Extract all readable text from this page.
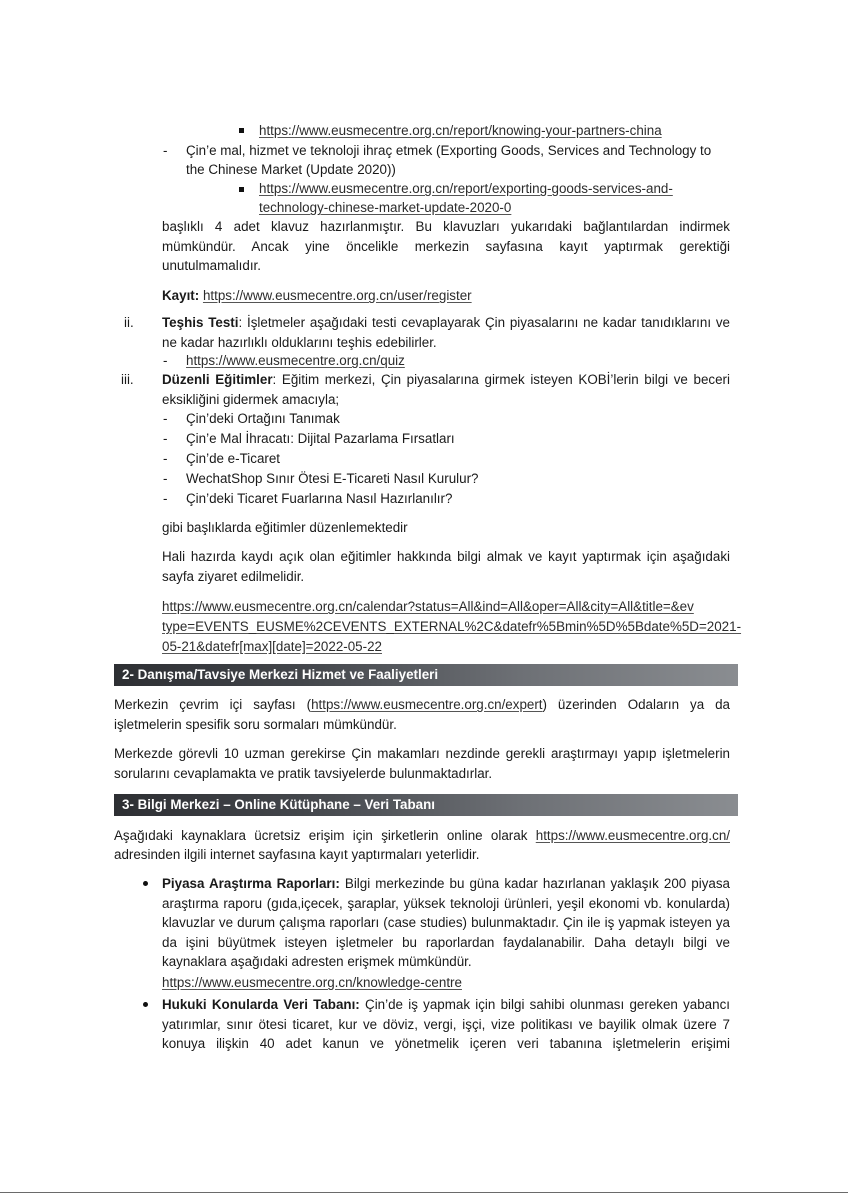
https://www.eusmecentre.org.cn/report/knowing-your-partners-china
- Çin’e mal, hizmet ve teknoloji ihraç etmek (Exporting Goods, Services and Technology to
the Chinese Market (Update 2020))
https://www.eusmecentre.org.cn/report/exporting-goods-services-and-
technology-chinese-market-update-2020-0
başlıklı 4 adet klavuz hazırlanmıştır. Bu klavuzları yukarıdaki bağlantılardan indirmek mümkündür. Ancak yine öncelikle merkezin sayfasına kayıt yaptırmak gerektiği unutulmamalıdır.
Kayıt: https://www.eusmecentre.org.cn/user/register
ii. Teşhis Testi: İşletmeler aşağıdaki testi cevaplayarak Çin piyasalarını ne kadar tanıdıklarını ve ne kadar hazırlıklı olduklarını teşhis edebilirler.
- https://www.eusmecentre.org.cn/quiz
iii. Düzenli Eğitimler: Eğitim merkezi, Çin piyasalarına girmek isteyen KOBİ’lerin bilgi ve beceri eksikliğini gidermek amacıyla;
- Çin’deki Ortağını Tanımak
- Çin’e Mal İhracatı: Dijital Pazarlama Fırsatları
- Çin’de e-Ticaret
- WechatShop Sınır Ötesi E-Ticareti Nasıl Kurulur?
- Çin’deki Ticaret Fuarlarına Nasıl Hazırlanılır?
gibi başlıklarda eğitimler düzenlemektedir
Hali hazırda kaydı açık olan eğitimler hakkında bilgi almak ve kayıt yaptırmak için aşağıdaki sayfa ziyaret edilmelidir.
https://www.eusmecentre.org.cn/calendar?status=All&ind=All&oper=All&city=All&title=&ev
type=EVENTS_EUSME%2CEVENTS_EXTERNAL%2C&datefr%5Bmin%5D%5Bdate%5D=2021-
05-21&datefr[max][date]=2022-05-22
2- Danışma/Tavsiye Merkezi Hizmet ve Faaliyetleri
Merkezin çevrim içi sayfası (https://www.eusmecentre.org.cn/expert) üzerinden Odaların ya da işletmelerin spesifik soru sormaları mümkündür.
Merkezde görevli 10 uzman gerekirse Çin makamları nezdinde gerekli araştırmayı yapıp işletmelerin sorularını cevaplamakta ve pratik tavsiyelerde bulunmaktadırlar.
3- Bilgi Merkezi – Online Kütüphane – Veri Tabanı
Aşağıdaki kaynaklara ücretsiz erişim için şirketlerin online olarak https://www.eusmecentre.org.cn/
adresinden ilgili internet sayfasına kayıt yaptırmaları yeterlidir.
Piyasa Araştırma Raporları: Bilgi merkezinde bu güna kadar hazırlanan yaklaşık 200 piyasa araştırma raporu (gıda,içecek, şaraplar, yüksek teknoloji ürünleri, yeşil ekonomi vb. konularda) klavuzlar ve durum çalışma raporları (case studies) bulunmaktadır. Çin ile iş yapmak isteyen ya da işini büyütmek isteyen işletmeler bu raporlardan faydalanabilir. Daha detaylı bilgi ve kaynaklara aşağıdaki adresten erişmek mümkündür.
https://www.eusmecentre.org.cn/knowledge-centre
Hukuki Konularda Veri Tabanı: Çin’de iş yapmak için bilgi sahibi olunması gereken yabancı yatırımlar, sınır ötesi ticaret, kur ve döviz, vergi, işçi, vize politikası ve bayilik olmak üzere 7 konuya ilişkin 40 adet kanun ve yönetmelik içeren veri tabanına işletmelerin erişimi
